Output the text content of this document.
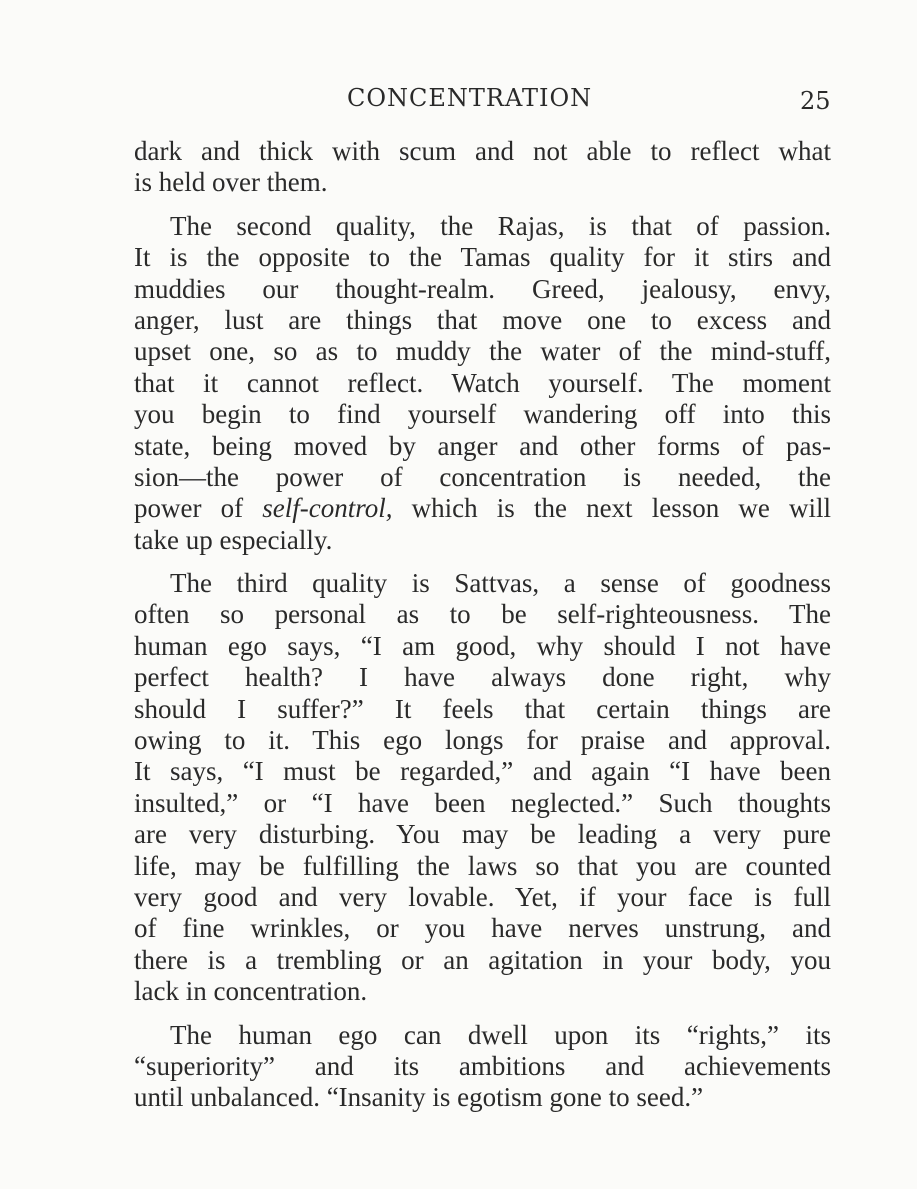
CONCENTRATION	25
dark and thick with scum and not able to reflect what
is held over them.
The second quality, the Rajas, is that of passion.
It is the opposite to the Tamas quality for it stirs and
muddies our thought-realm. Greed, jealousy, envy,
anger, lust are things that move one to excess and
upset one, so as to muddy the water of the mind-stuff,
that it cannot reflect. Watch yourself. The moment
you begin to find yourself wandering off into this
state, being moved by anger and other forms of pas-
sion—the power of concentration is needed, the
power of self-control, which is the next lesson we will
take up especially.
The third quality is Sattvas, a sense of goodness
often so personal as to be self-righteousness. The
human ego says, “I am good, why should I not have
perfect health? I have always done right, why
should I suffer?” It feels that certain things are
owing to it. This ego longs for praise and approval.
It says, “I must be regarded,” and again “I have been
insulted,” or “I have been neglected.” Such thoughts
are very disturbing. You may be leading a very pure
life, may be fulfilling the laws so that you are counted
very good and very lovable. Yet, if your face is full
of fine wrinkles, or you have nerves unstrung, and
there is a trembling or an agitation in your body, you
lack in concentration.
The human ego can dwell upon its “rights,” its
“superiority” and its ambitions and achievements
until unbalanced. “Insanity is egotism gone to seed.”
